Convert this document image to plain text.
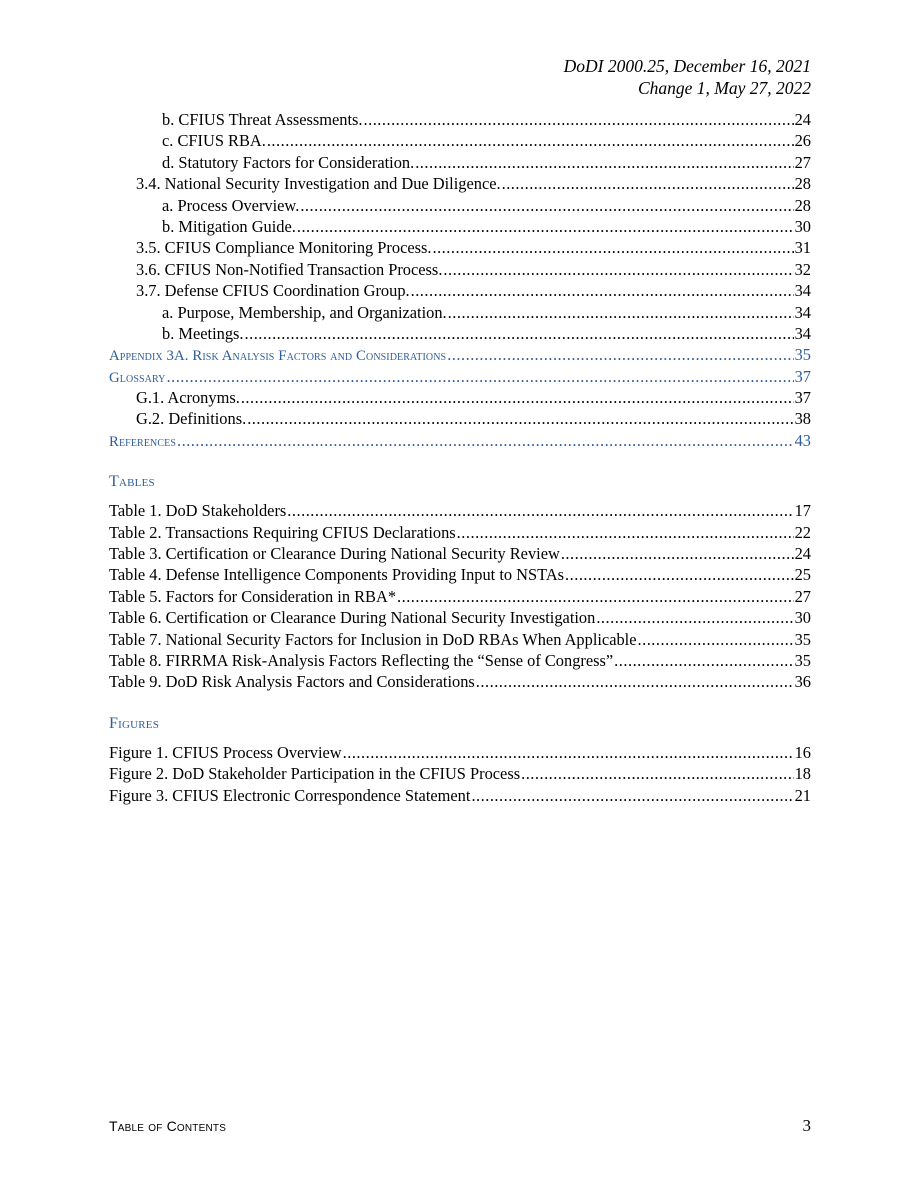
DoDI 2000.25, December 16, 2021
Change 1, May 27, 2022
b. CFIUS Threat Assessments. .....	24
c. CFIUS RBA. .....	26
d. Statutory Factors for Consideration. .....	27
3.4. National Security Investigation and Due Diligence. .....	28
a. Process Overview. .....	28
b. Mitigation Guide. .....	30
3.5. CFIUS Compliance Monitoring Process. .....	31
3.6. CFIUS Non-Notified Transaction Process. .....	32
3.7. Defense CFIUS Coordination Group. .....	34
a. Purpose, Membership, and Organization. .....	34
b. Meetings. .....	34
Appendix 3A. Risk Analysis Factors and Considerations .....	35
Glossary .....	37
G.1. Acronyms. .....	37
G.2. Definitions. .....	38
References .....	43
Tables
Table 1. DoD Stakeholders .....	17
Table 2. Transactions Requiring CFIUS Declarations .....	22
Table 3. Certification or Clearance During National Security Review .....	24
Table 4. Defense Intelligence Components Providing Input to NSTAs .....	25
Table 5. Factors for Consideration in RBA* .....	27
Table 6. Certification or Clearance During National Security Investigation .....	30
Table 7. National Security Factors for Inclusion in DoD RBAs When Applicable .....	35
Table 8. FIRRMA Risk-Analysis Factors Reflecting the “Sense of Congress” .....	35
Table 9. DoD Risk Analysis Factors and Considerations .....	36
Figures
Figure 1. CFIUS Process Overview .....	16
Figure 2. DoD Stakeholder Participation in the CFIUS Process .....	18
Figure 3. CFIUS Electronic Correspondence Statement .....	21
Table of Contents	3
